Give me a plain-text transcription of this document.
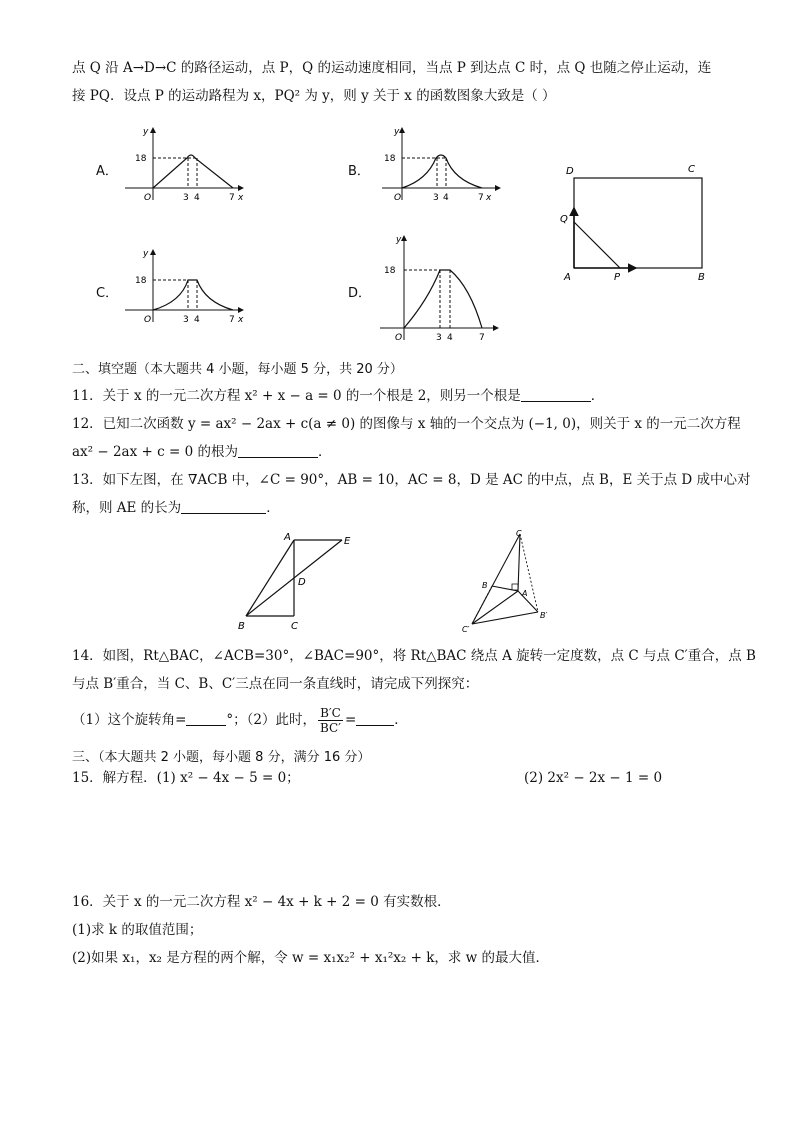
点 Q 沿 A→D→C 的路径运动，点 P，Q 的运动速度相同，当点 P 到达点 C 时，点 Q 也随之停止运动，连
接 PQ．设点 P 的运动路程为 x，PQ² 为 y，则 y 关于 x 的函数图象大致是（ ）
A．	B．
C．	D．
y
18
O	3 4	7 x
y
18
O	3 4	7 x
y
18
O	3 4	7 x
y
18
O	3 4	7
D	C
Q
A	P	B
二、填空题（本大题共 4 小题，每小题 5 分，共 20 分）
11．关于 x 的一元二次方程 x² + x − a = 0 的一个根是 2，则另一个根是	．
12．已知二次函数 y = ax² − 2ax + c(a ≠ 0) 的图像与 x 轴的一个交点为 (−1, 0)，则关于 x 的一元二次方程
ax² − 2ax + c = 0 的根为	．
13．如下左图，在 ∇ACB 中，∠C = 90°，AB = 10，AC = 8，D 是 AC 的中点，点 B，E 关于点 D 成中心对
称，则 AE 的长为	．
A	E
D
B	C
C
B
A
B′
C′
14．如图，Rt△BAC，∠ACB=30°，∠BAC=90°，将 Rt△BAC 绕点 A 旋转一定度数，点 C 与点 C′重合，点 B
与点 B′重合，当 C、B、C′三点在同一条直线时，请完成下列探究：
（1）这个旋转角=	°；（2）此时， $\frac{B'C}{BC'}$ =	．
三、（本大题共 2 小题，每小题 8 分，满分 16 分）
15．解方程．(1) x² − 4x − 5 = 0；	(2) 2x² − 2x − 1 = 0
16．关于 x 的一元二次方程 x² − 4x + k + 2 = 0 有实数根．
(1)求 k 的取值范围；
(2)如果 x₁，x₂ 是方程的两个解，令 w = x₁x₂² + x₁²x₂ + k，求 w 的最大值．
